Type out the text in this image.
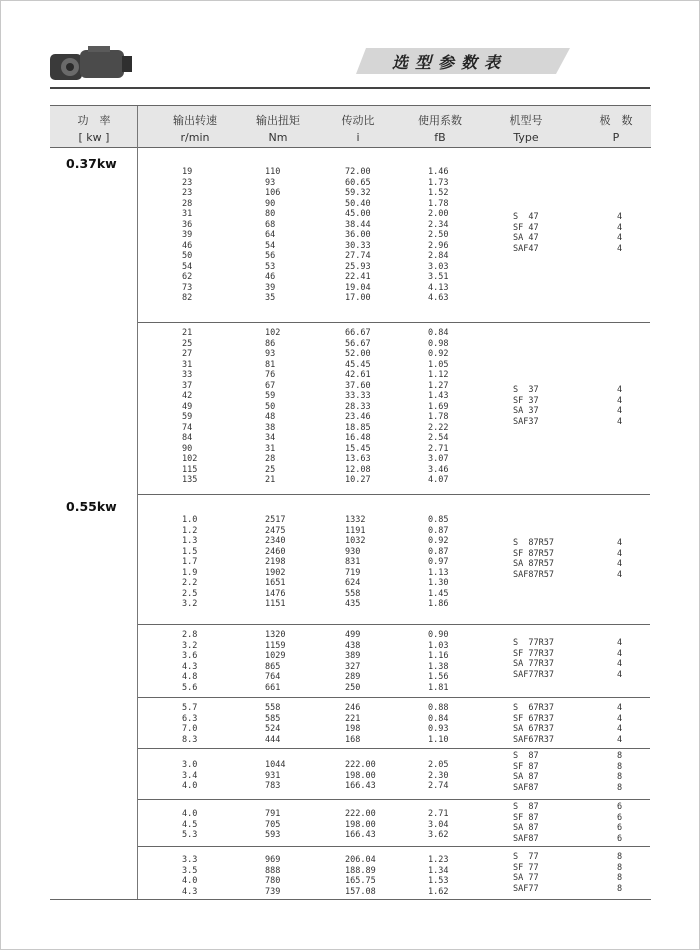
选型参数表
功　率
[ kw ]
输出转速
r/min
输出扭矩
Nm
传动比
i
使用系数
fB
机型号
Type
极　数
P
0.37kw
0.55kw
19
23
23
28
31
36
39
46
50
54
62
73
82
110
93
106
90
80
68
64
54
56
53
46
39
35
72.00
60.65
59.32
50.40
45.00
38.44
36.00
30.33
27.74
25.93
22.41
19.04
17.00
1.46
1.73
1.52
1.78
2.00
2.34
2.50
2.96
2.84
3.03
3.51
4.13
4.63
S  47
SF 47
SA 47
SAF47
4
4
4
4
21
25
27
31
33
37
42
49
59
74
84
90
102
115
135
102
86
93
81
76
67
59
50
48
38
34
31
28
25
21
66.67
56.67
52.00
45.45
42.61
37.60
33.33
28.33
23.46
18.85
16.48
15.45
13.63
12.08
10.27
0.84
0.98
0.92
1.05
1.12
1.27
1.43
1.69
1.78
2.22
2.54
2.71
3.07
3.46
4.07
S  37
SF 37
SA 37
SAF37
4
4
4
4
1.0
1.2
1.3
1.5
1.7
1.9
2.2
2.5
3.2
2517
2475
2340
2460
2198
1902
1651
1476
1151
1332
1191
1032
930
831
719
624
558
435
0.85
0.87
0.92
0.87
0.97
1.13
1.30
1.45
1.86
S  87R57
SF 87R57
SA 87R57
SAF87R57
4
4
4
4
2.8
3.2
3.6
4.3
4.8
5.6
1320
1159
1029
865
764
661
499
438
389
327
289
250
0.90
1.03
1.16
1.38
1.56
1.81
S  77R37
SF 77R37
SA 77R37
SAF77R37
4
4
4
4
5.7
6.3
7.0
8.3
558
585
524
444
246
221
198
168
0.88
0.84
0.93
1.10
S  67R37
SF 67R37
SA 67R37
SAF67R37
4
4
4
4
3.0
3.4
4.0
1044
931
783
222.00
198.00
166.43
2.05
2.30
2.74
S  87
SF 87
SA 87
SAF87
8
8
8
8
4.0
4.5
5.3
791
705
593
222.00
198.00
166.43
2.71
3.04
3.62
S  87
SF 87
SA 87
SAF87
6
6
6
6
3.3
3.5
4.0
4.3
969
888
780
739
206.04
188.89
165.75
157.08
1.23
1.34
1.53
1.62
S  77
SF 77
SA 77
SAF77
8
8
8
8
